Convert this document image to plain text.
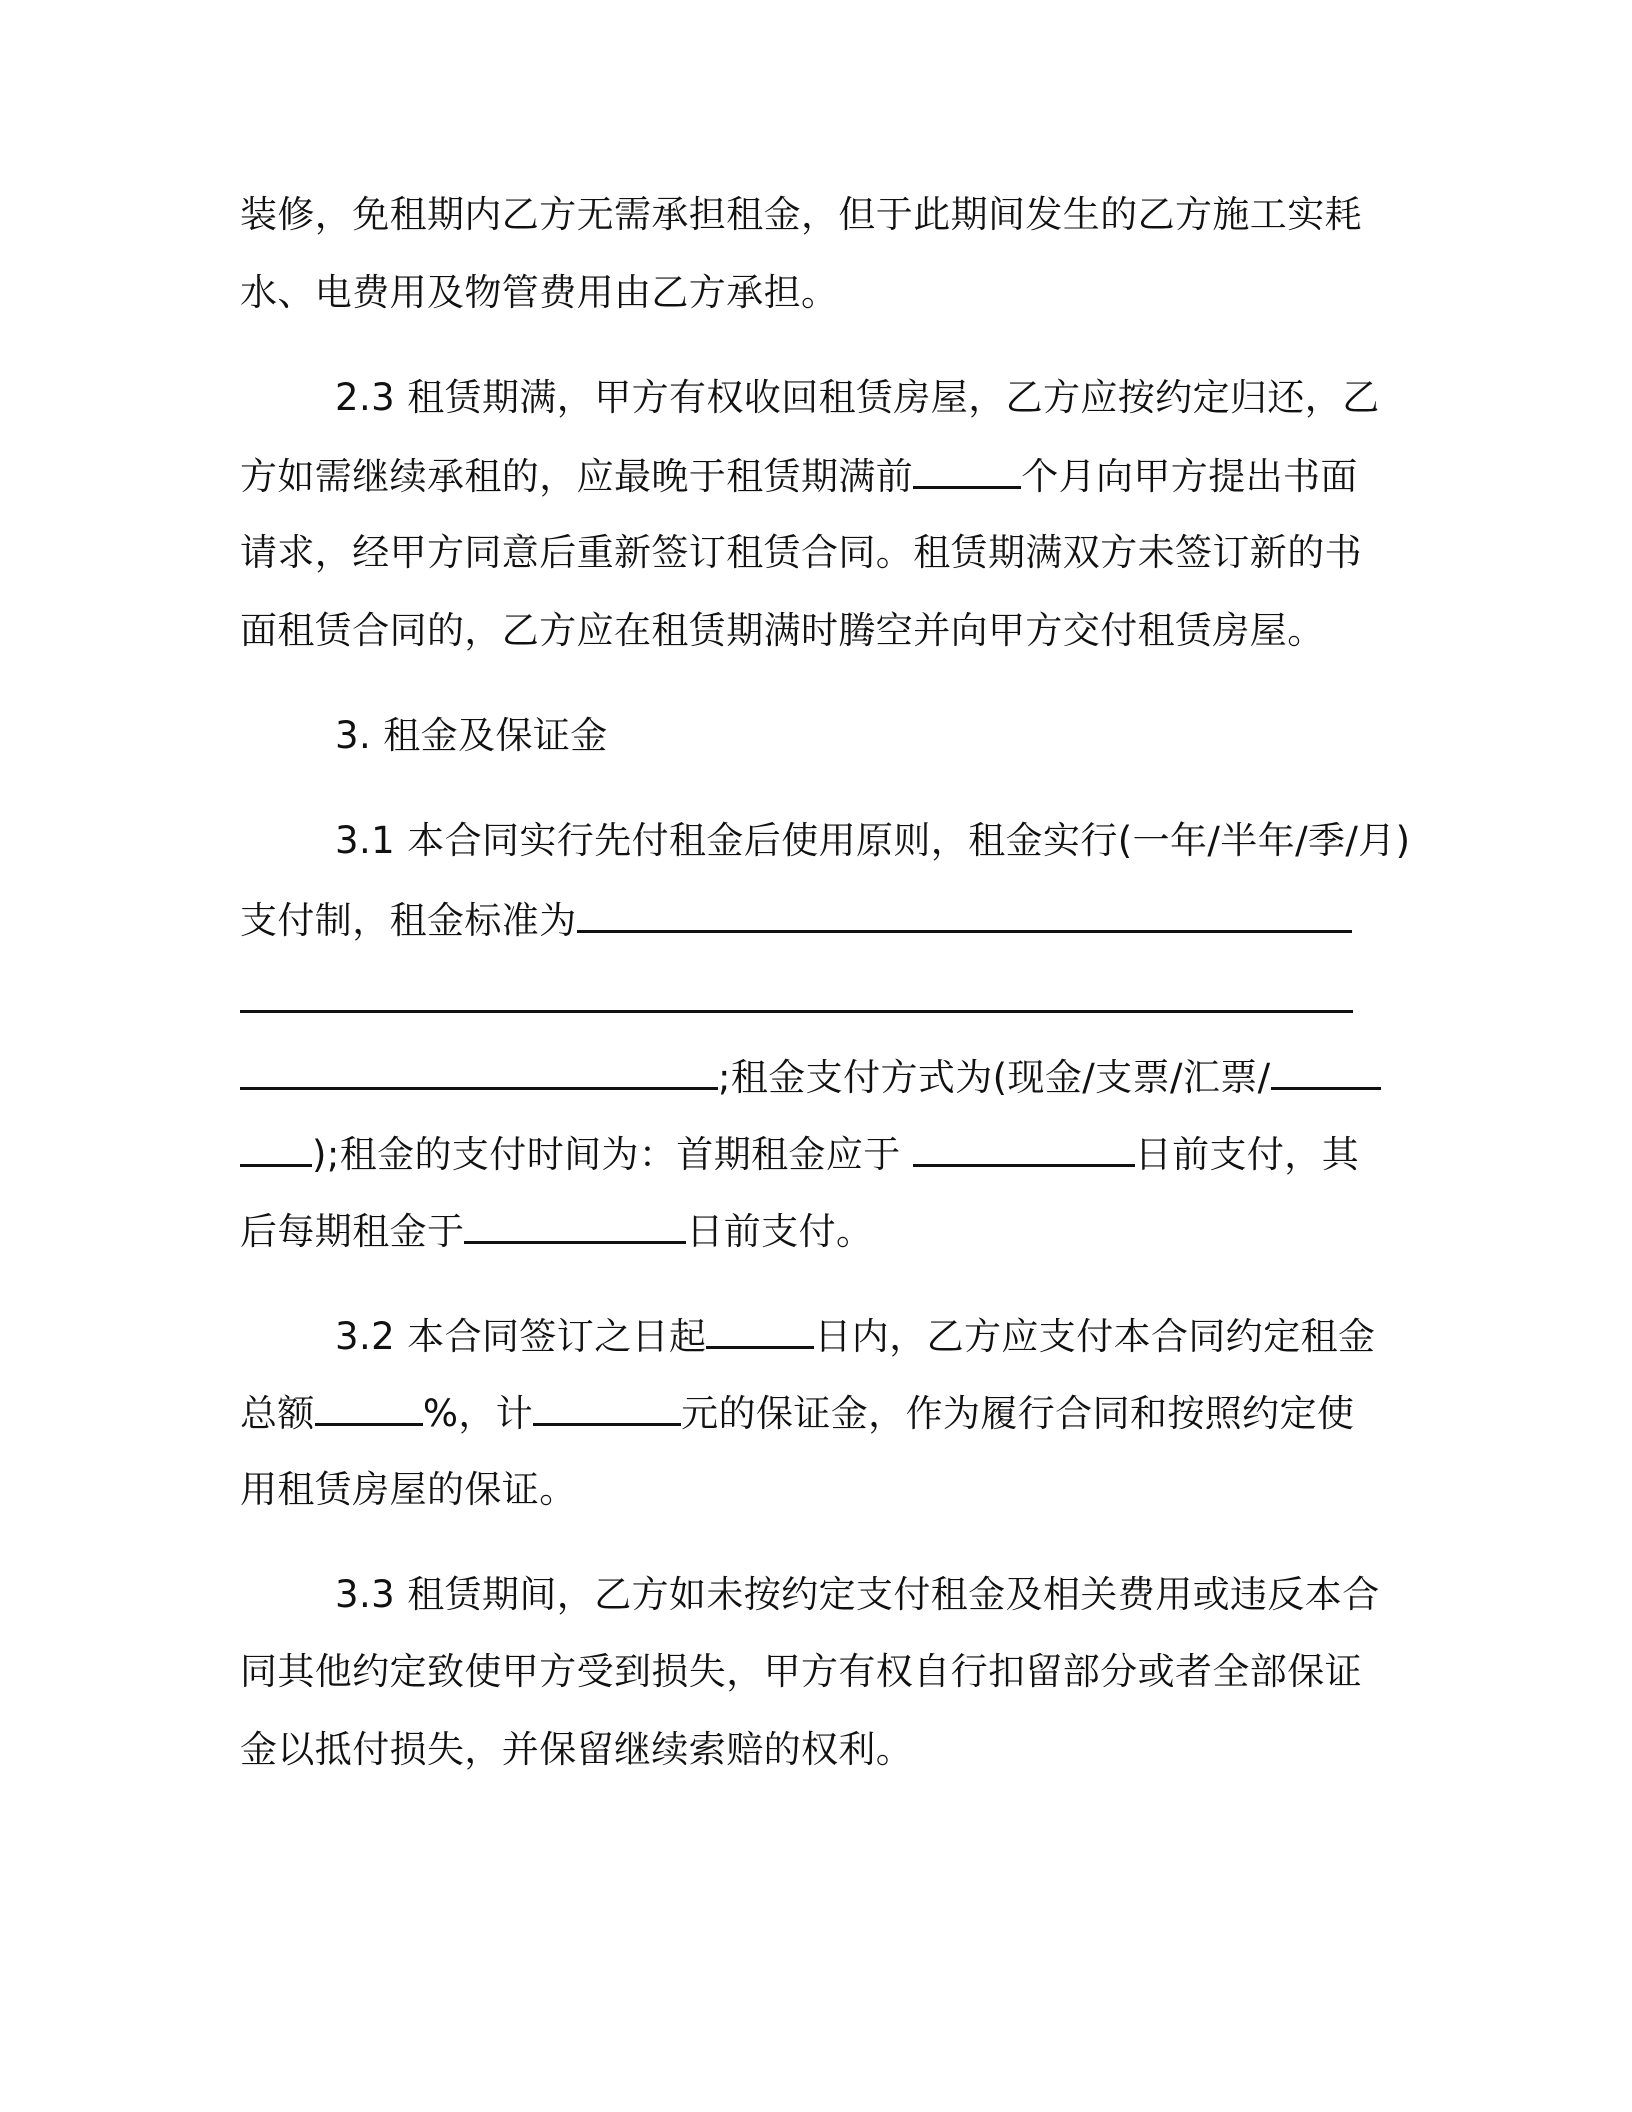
装修，免租期内乙方无需承担租金，但于此期间发生的乙方施工实耗
水、电费用及物管费用由乙方承担。
2.3 租赁期满，甲方有权收回租赁房屋，乙方应按约定归还，乙
方如需继续承租的，应最晚于租赁期满前	个月向甲方提出书面
请求，经甲方同意后重新签订租赁合同。租赁期满双方未签订新的书
面租赁合同的，乙方应在租赁期满时腾空并向甲方交付租赁房屋。
3. 租金及保证金
3.1 本合同实行先付租金后使用原则，租金实行(一年/半年/季/月)
支付制，租金标准为
;租金支付方式为(现金/支票/汇票/
);租金的支付时间为：首期租金应于	日前支付，其
后每期租金于	日前支付。
3.2 本合同签订之日起	日内，乙方应支付本合同约定租金
总额	%，计	元的保证金，作为履行合同和按照约定使
用租赁房屋的保证。
3.3 租赁期间，乙方如未按约定支付租金及相关费用或违反本合
同其他约定致使甲方受到损失，甲方有权自行扣留部分或者全部保证
金以抵付损失，并保留继续索赔的权利。
